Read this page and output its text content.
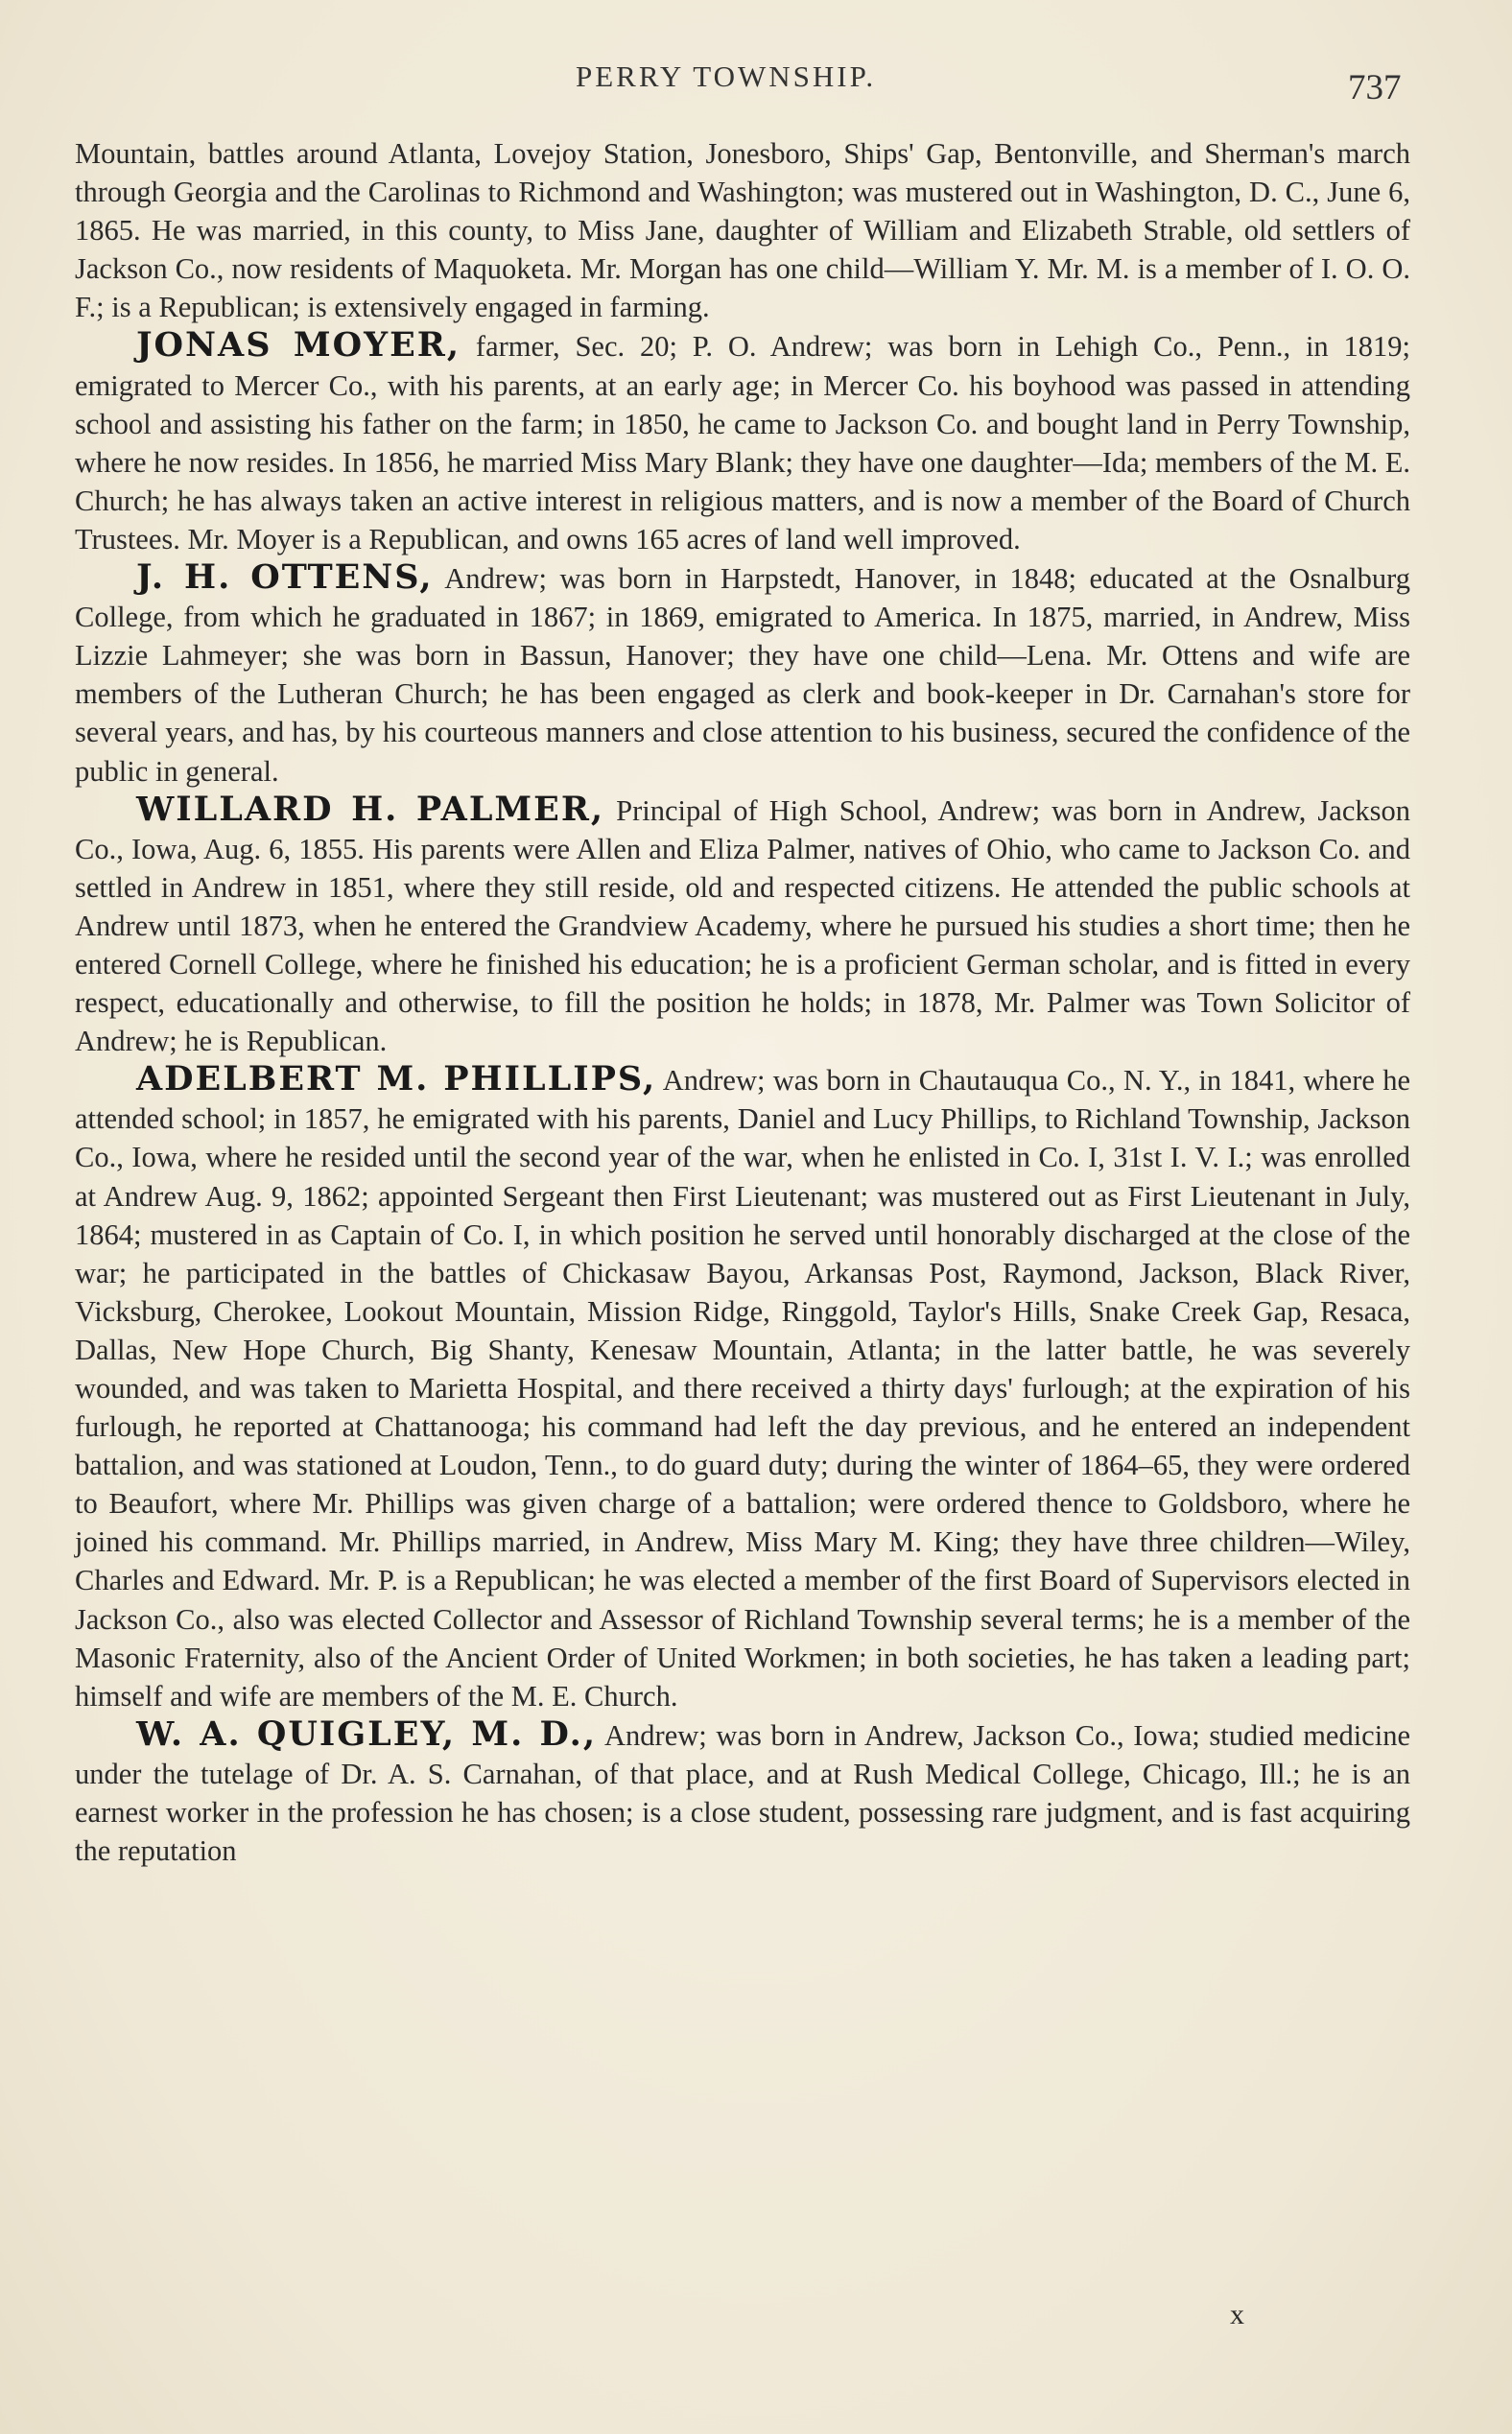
PERRY TOWNSHIP.	737

Mountain, battles around Atlanta, Lovejoy Station, Jonesboro, Ships' Gap, Bentonville, and Sherman's march through Georgia and the Carolinas to Richmond and Washington; was mustered out in Washington, D. C., June 6, 1865. He was married, in this county, to Miss Jane, daughter of William and Elizabeth Strable, old settlers of Jackson Co., now residents of Maquoketa. Mr. Morgan has one child—William Y. Mr. M. is a member of I. O. O. F.; is a Republican; is extensively engaged in farming.

JONAS MOYER, farmer, Sec. 20; P. O. Andrew; was born in Lehigh Co., Penn., in 1819; emigrated to Mercer Co., with his parents, at an early age; in Mercer Co. his boyhood was passed in attending school and assisting his father on the farm; in 1850, he came to Jackson Co. and bought land in Perry Township, where he now resides. In 1856, he married Miss Mary Blank; they have one daughter—Ida; members of the M. E. Church; he has always taken an active interest in religious matters, and is now a member of the Board of Church Trustees. Mr. Moyer is a Republican, and owns 165 acres of land well improved.

J. H. OTTENS, Andrew; was born in Harpstedt, Hanover, in 1848; educated at the Osnalburg College, from which he graduated in 1867; in 1869, emigrated to America. In 1875, married, in Andrew, Miss Lizzie Lahmeyer; she was born in Bassun, Hanover; they have one child—Lena. Mr. Ottens and wife are members of the Lutheran Church; he has been engaged as clerk and book-keeper in Dr. Carnahan's store for several years, and has, by his courteous manners and close attention to his business, secured the confidence of the public in general.

WILLARD H. PALMER, Principal of High School, Andrew; was born in Andrew, Jackson Co., Iowa, Aug. 6, 1855. His parents were Allen and Eliza Palmer, natives of Ohio, who came to Jackson Co. and settled in Andrew in 1851, where they still reside, old and respected citizens. He attended the public schools at Andrew until 1873, when he entered the Grandview Academy, where he pursued his studies a short time; then he entered Cornell College, where he finished his education; he is a proficient German scholar, and is fitted in every respect, educationally and otherwise, to fill the position he holds; in 1878, Mr. Palmer was Town Solicitor of Andrew; he is Republican.

ADELBERT M. PHILLIPS, Andrew; was born in Chautauqua Co., N. Y., in 1841, where he attended school; in 1857, he emigrated with his parents, Daniel and Lucy Phillips, to Richland Township, Jackson Co., Iowa, where he resided until the second year of the war, when he enlisted in Co. I, 31st I. V. I.; was enrolled at Andrew Aug. 9, 1862; appointed Sergeant then First Lieutenant; was mustered out as First Lieutenant in July, 1864; mustered in as Captain of Co. I, in which position he served until honorably discharged at the close of the war; he participated in the battles of Chickasaw Bayou, Arkansas Post, Raymond, Jackson, Black River, Vicksburg, Cherokee, Lookout Mountain, Mission Ridge, Ringgold, Taylor's Hills, Snake Creek Gap, Resaca, Dallas, New Hope Church, Big Shanty, Kenesaw Mountain, Atlanta; in the latter battle, he was severely wounded, and was taken to Marietta Hospital, and there received a thirty days' furlough; at the expiration of his furlough, he reported at Chattanooga; his command had left the day previous, and he entered an independent battalion, and was stationed at Loudon, Tenn., to do guard duty; during the winter of 1864–65, they were ordered to Beaufort, where Mr. Phillips was given charge of a battalion; were ordered thence to Goldsboro, where he joined his command. Mr. Phillips married, in Andrew, Miss Mary M. King; they have three children—Wiley, Charles and Edward. Mr. P. is a Republican; he was elected a member of the first Board of Supervisors elected in Jackson Co., also was elected Collector and Assessor of Richland Township several terms; he is a member of the Masonic Fraternity, also of the Ancient Order of United Workmen; in both societies, he has taken a leading part; himself and wife are members of the M. E. Church.

W. A. QUIGLEY, M. D., Andrew; was born in Andrew, Jackson Co., Iowa; studied medicine under the tutelage of Dr. A. S. Carnahan, of that place, and at Rush Medical College, Chicago, Ill.; he is an earnest worker in the profession he has chosen; is a close student, possessing rare judgment, and is fast acquiring the reputation

x
